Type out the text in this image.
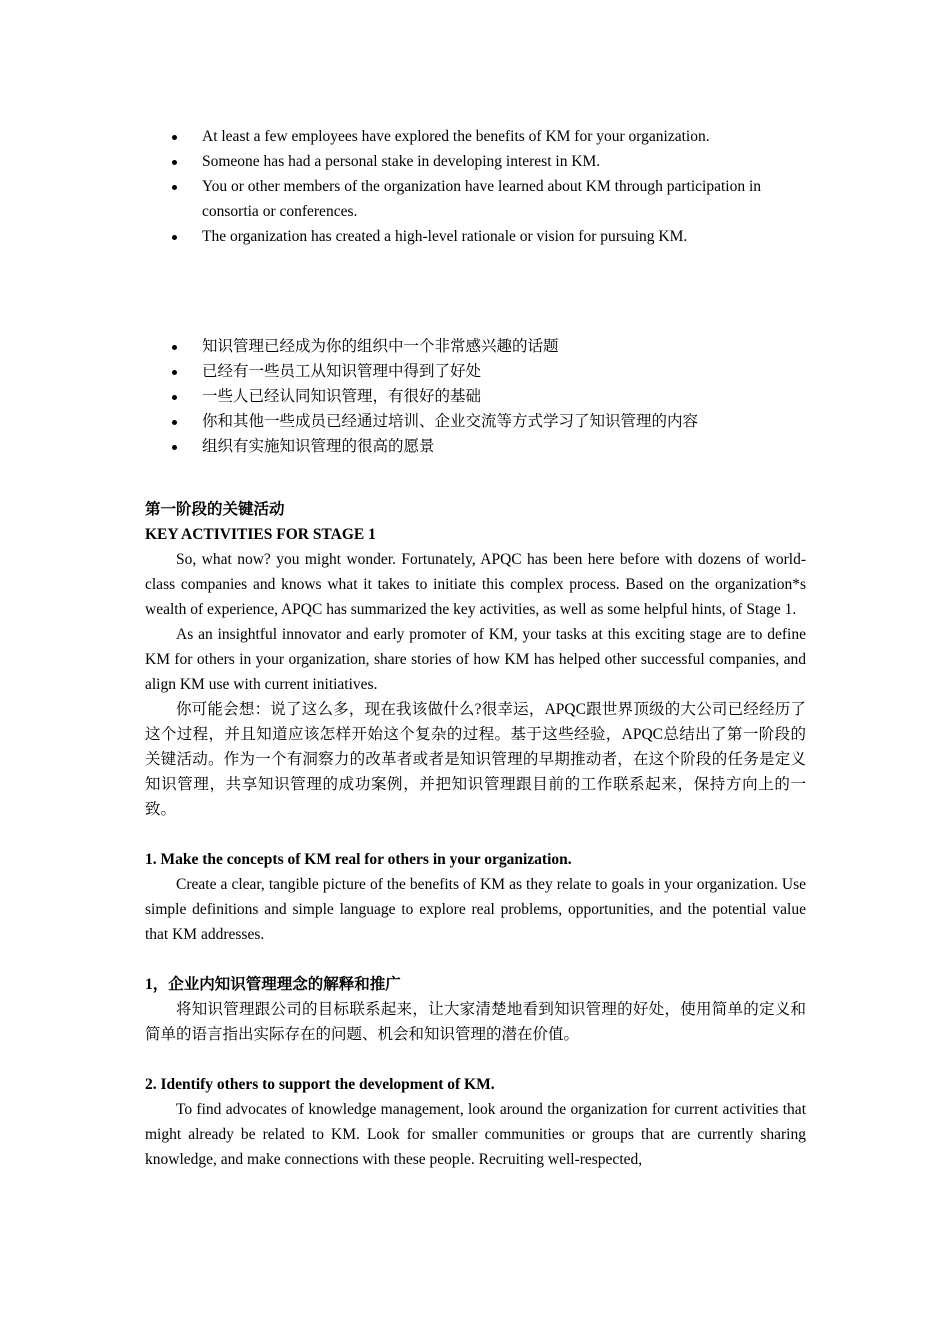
At least a few employees have explored the benefits of KM for your organization.
Someone has had a personal stake in developing interest in KM.
You or other members of the organization have learned about KM through participation in consortia or conferences.
The organization has created a high-level rationale or vision for pursuing KM.
知识管理已经成为你的组织中一个非常感兴趣的话题
已经有一些员工从知识管理中得到了好处
一些人已经认同知识管理，有很好的基础
你和其他一些成员已经通过培训、企业交流等方式学习了知识管理的内容
组织有实施知识管理的很高的愿景
第一阶段的关键活动
KEY ACTIVITIES FOR STAGE 1

So, what now? you might wonder. Fortunately, APQC has been here before with dozens of world-class companies and knows what it takes to initiate this complex process. Based on the organization*s wealth of experience, APQC has summarized the key activities, as well as some helpful hints, of Stage 1.

As an insightful innovator and early promoter of KM, your tasks at this exciting stage are to define KM for others in your organization, share stories of how KM has helped other successful companies, and align KM use with current initiatives.

你可能会想：说了这么多，现在我该做什么?很幸运，APQC跟世界顶级的大公司已经经历了这个过程，并且知道应该怎样开始这个复杂的过程。基于这些经验，APQC总结出了第一阶段的关键活动。作为一个有洞察力的改革者或者是知识管理的早期推动者，在这个阶段的任务是定义知识管理，共享知识管理的成功案例，并把知识管理跟目前的工作联系起来，保持方向上的一致。

1. Make the concepts of KM real for others in your organization.

Create a clear, tangible picture of the benefits of KM as they relate to goals in your organization. Use simple definitions and simple language to explore real problems, opportunities, and the potential value that KM addresses.

1，企业内知识管理理念的解释和推广

将知识管理跟公司的目标联系起来，让大家清楚地看到知识管理的好处，使用简单的定义和简单的语言指出实际存在的问题、机会和知识管理的潜在价值。

2. Identify others to support the development of KM.

To find advocates of knowledge management, look around the organization for current activities that might already be related to KM. Look for smaller communities or groups that are currently sharing knowledge, and make connections with these people. Recruiting well-respected,
